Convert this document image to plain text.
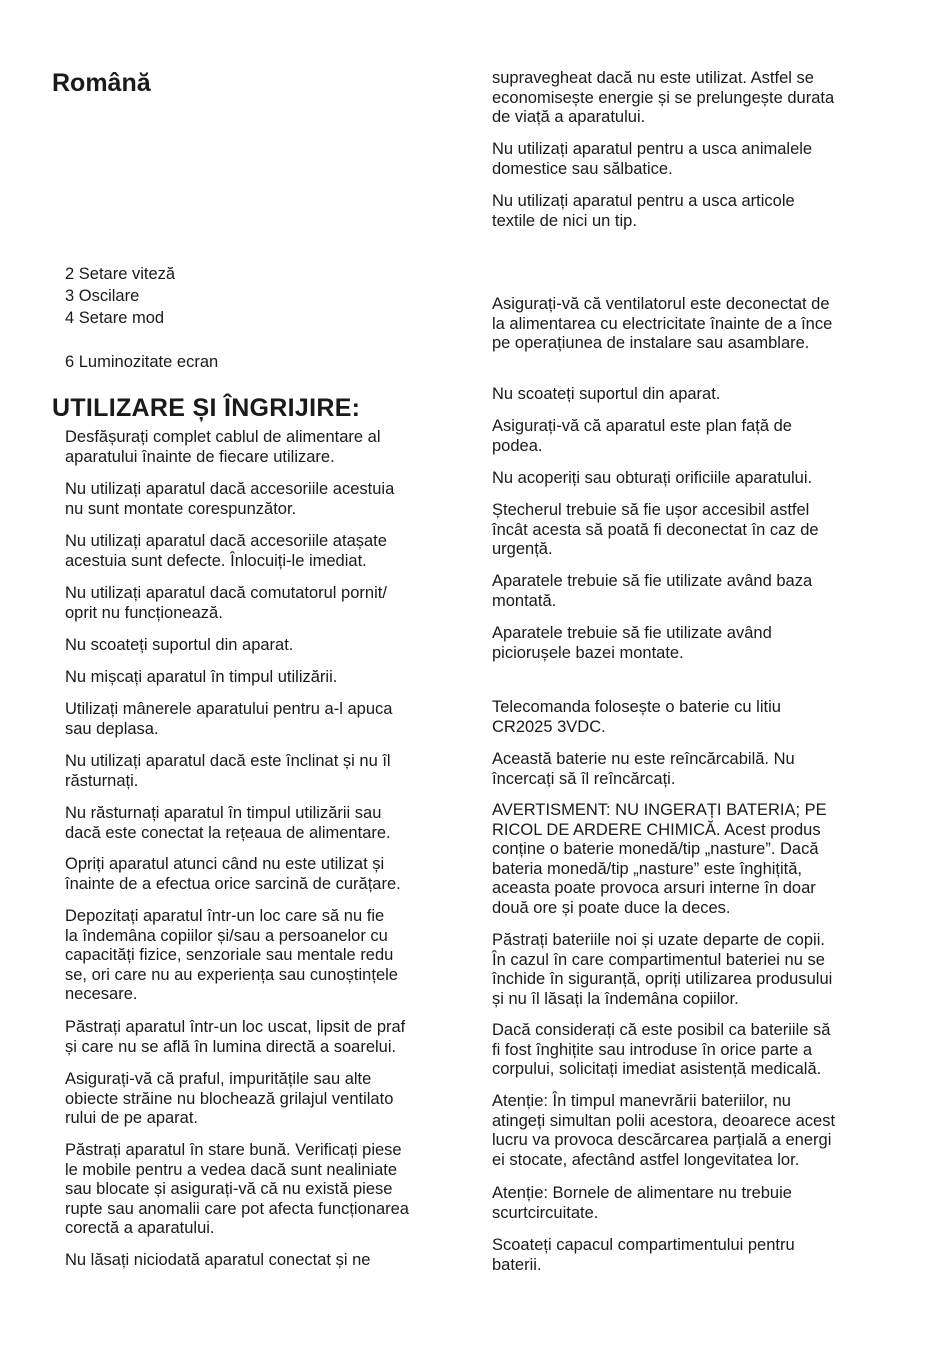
Română
2 Setare viteză
3 Oscilare
4 Setare mod
6 Luminozitate ecran
UTILIZARE ȘI ÎNGRIJIRE:

Desfășurați complet cablul de alimentare al
aparatului înainte de fiecare utilizare.

Nu utilizați aparatul dacă accesoriile acestuia
nu sunt montate corespunzător.

Nu utilizați aparatul dacă accesoriile atașate
acestuia sunt defecte. Înlocuiți-le imediat.

Nu utilizați aparatul dacă comutatorul pornit/
oprit nu funcționează.

Nu scoateți suportul din aparat.

Nu mișcați aparatul în timpul utilizării.

Utilizați mânerele aparatului pentru a-l apuca
sau deplasa.

Nu utilizați aparatul dacă este înclinat și nu îl
răsturnați.

Nu răsturnați aparatul în timpul utilizării sau
dacă este conectat la rețeaua de alimentare.

Opriți aparatul atunci când nu este utilizat și
înainte de a efectua orice sarcină de curățare.

Depozitați aparatul într-un loc care să nu fie
la îndemâna copiilor și/sau a persoanelor cu
capacități fizice, senzoriale sau mentale redu
se, ori care nu au experiența sau cunoștințele
necesare.

Păstrați aparatul într-un loc uscat, lipsit de praf
și care nu se află în lumina directă a soarelui.

Asigurați-vă că praful, impuritățile sau alte
obiecte străine nu blochează grilajul ventilato
rului de pe aparat.

Păstrați aparatul în stare bună. Verificați piese
le mobile pentru a vedea dacă sunt nealiniate
sau blocate și asigurați-vă că nu există piese
rupte sau anomalii care pot afecta funcționarea
corectă a aparatului.

Nu lăsați niciodată aparatul conectat și ne

supravegheat dacă nu este utilizat. Astfel se
economisește energie și se prelungește durata
de viață a aparatului.

Nu utilizați aparatul pentru a usca animalele
domestice sau sălbatice.

Nu utilizați aparatul pentru a usca articole
textile de nici un tip.

Asigurați-vă că ventilatorul este deconectat de
la alimentarea cu electricitate înainte de a înce
pe operațiunea de instalare sau asamblare.

Nu scoateți suportul din aparat.

Asigurați-vă că aparatul este plan față de
podea.

Nu acoperiți sau obturați orificiile aparatului.

Ștecherul trebuie să fie ușor accesibil astfel
încât acesta să poată fi deconectat în caz de
urgență.

Aparatele trebuie să fie utilizate având baza
montată.

Aparatele trebuie să fie utilizate având
piciorușele bazei montate.

Telecomanda folosește o baterie cu litiu
CR2025 3VDC.

Această baterie nu este reîncărcabilă. Nu
încercați să îl reîncărcați.

AVERTISMENT: NU INGERAȚI BATERIA; PE
RICOL DE ARDERE CHIMICĂ. Acest produs
conține o baterie monedă/tip „nasture”. Dacă
bateria monedă/tip „nasture” este înghițită,
aceasta poate provoca arsuri interne în doar
două ore și poate duce la deces.

Păstrați bateriile noi și uzate departe de copii.
În cazul în care compartimentul bateriei nu se
închide în siguranță, opriți utilizarea produsului
și nu îl lăsați la îndemâna copiilor.

Dacă considerați că este posibil ca bateriile să
fi fost înghițite sau introduse în orice parte a
corpului, solicitați imediat asistență medicală.

Atenție: În timpul manevrării bateriilor, nu
atingeți simultan polii acestora, deoarece acest
lucru va provoca descărcarea parțială a energi
ei stocate, afectând astfel longevitatea lor.

Atenție: Bornele de alimentare nu trebuie
scurtcircuitate.

Scoateți capacul compartimentului pentru
baterii.
